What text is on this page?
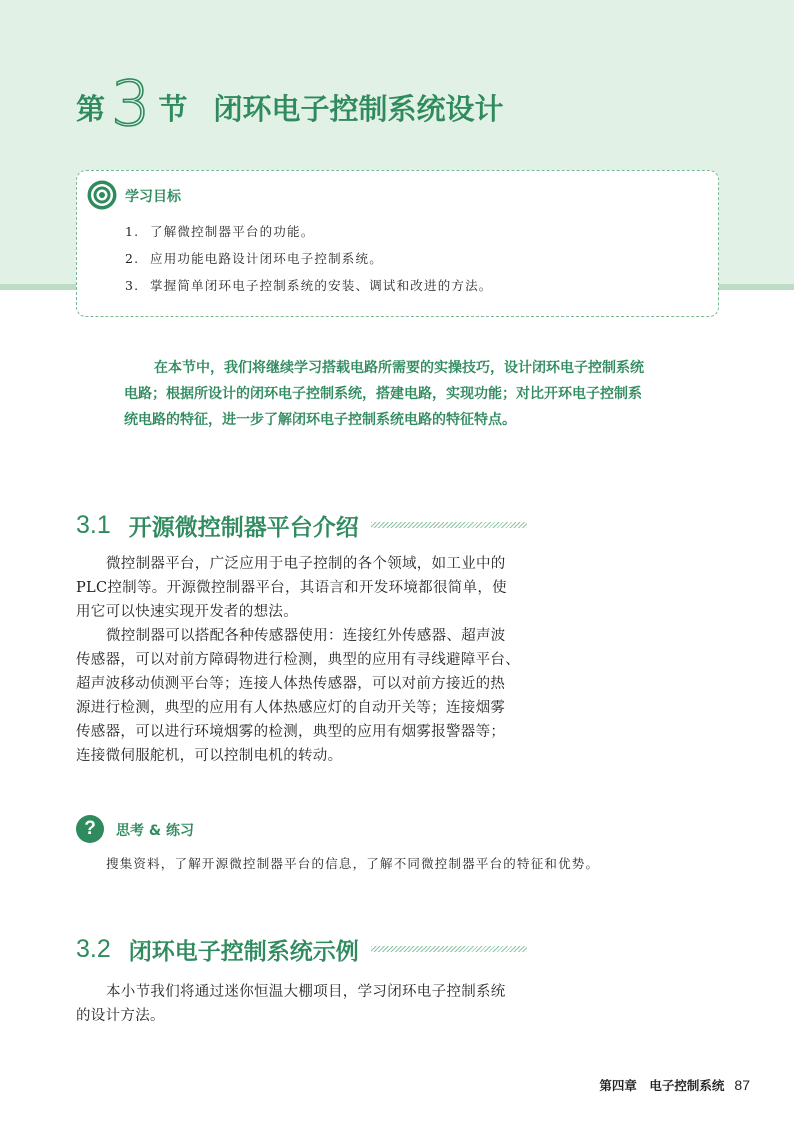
第 3 节 闭环电子控制系统设计
学习目标
1. 了解微控制器平台的功能。
2. 应用功能电路设计闭环电子控制系统。
3. 掌握简单闭环电子控制系统的安装、调试和改进的方法。
在本节中，我们将继续学习搭载电路所需要的实操技巧，设计闭环电子控制系统
电路；根据所设计的闭环电子控制系统，搭建电路，实现功能；对比开环电子控制系
统电路的特征，进一步了解闭环电子控制系统电路的特征特点。
3.1 开源微控制器平台介绍
微控制器平台，广泛应用于电子控制的各个领域，如工业中的
PLC控制等。开源微控制器平台，其语言和开发环境都很简单，使
用它可以快速实现开发者的想法。
微控制器可以搭配各种传感器使用：连接红外传感器、超声波
传感器，可以对前方障碍物进行检测，典型的应用有寻线避障平台、
超声波移动侦测平台等；连接人体热传感器，可以对前方接近的热
源进行检测，典型的应用有人体热感应灯的自动开关等；连接烟雾
传感器，可以进行环境烟雾的检测，典型的应用有烟雾报警器等；
连接微伺服舵机，可以控制电机的转动。
?	思考 & 练习
搜集资料，了解开源微控制器平台的信息，了解不同微控制器平台的特征和优势。
3.2 闭环电子控制系统示例
本小节我们将通过迷你恒温大棚项目，学习闭环电子控制系统
的设计方法。
第四章　电子控制系统 87
